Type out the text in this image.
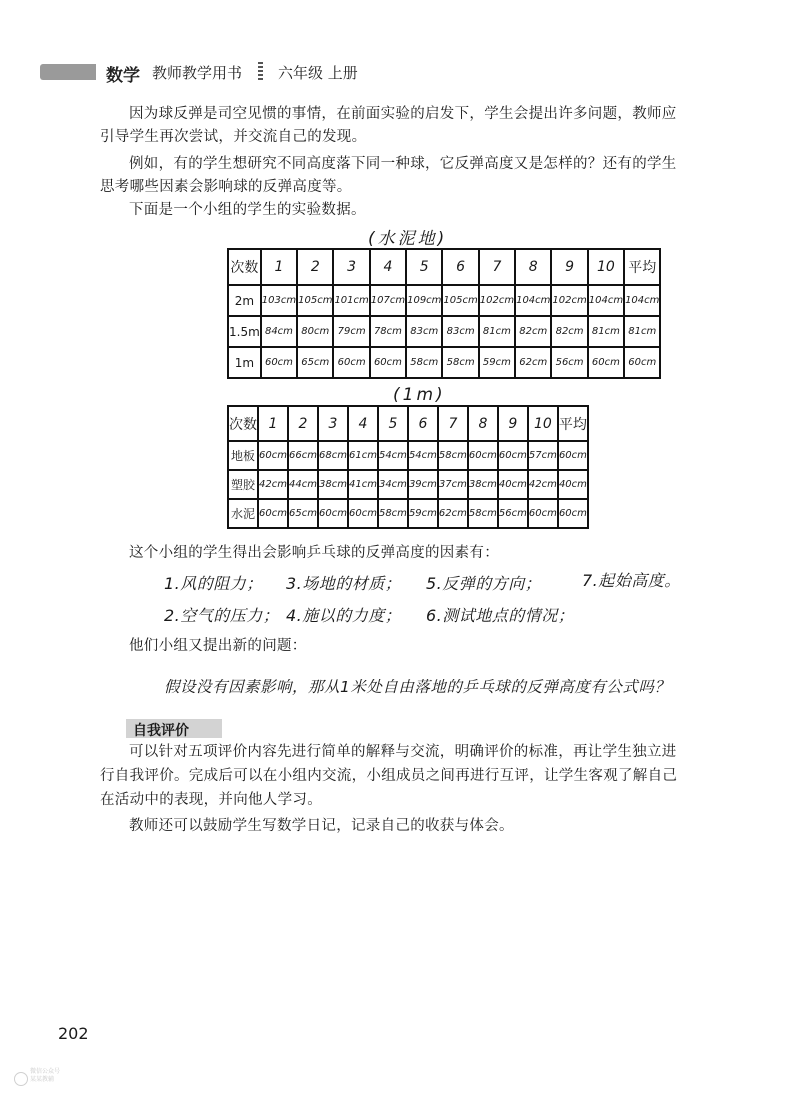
数学 教师教学用书 六年级 上册
因为球反弹是司空见惯的事情，在前面实验的启发下，学生会提出许多问题，教师应
引导学生再次尝试，并交流自己的发现。
例如，有的学生想研究不同高度落下同一种球，它反弹高度又是怎样的？还有的学生
思考哪些因素会影响球的反弹高度等。
下面是一个小组的学生的实验数据。
(水泥地)
次数	1	2	3	4	5	6	7	8	9	10	平均
2m	103cm	105cm	101cm	107cm	109cm	105cm	102cm	104cm	102cm	104cm	104cm
1.5m	84cm	80cm	79cm	78cm	83cm	83cm	81cm	82cm	82cm	81cm	81cm
1m	60cm	65cm	60cm	60cm	58cm	58cm	59cm	62cm	56cm	60cm	60cm
(1m)
次数	1	2	3	4	5	6	7	8	9	10	平均
地板	60cm	66cm	68cm	61cm	54cm	54cm	58cm	60cm	60cm	57cm	60cm
塑胶	42cm	44cm	38cm	41cm	34cm	39cm	37cm	38cm	40cm	42cm	40cm
水泥	60cm	65cm	60cm	60cm	58cm	59cm	62cm	58cm	56cm	60cm	60cm
这个小组的学生得出会影响乒乓球的反弹高度的因素有：
1.风的阻力； 3.场地的材质； 5.反弹的方向；	7.起始高度。
2.空气的压力； 4.施以的力度； 6.测试地点的情况；
他们小组又提出新的问题：
假设没有因素影响，那从1米处自由落地的乒乓球的反弹高度有公式吗？
自我评价
可以针对五项评价内容先进行简单的解释与交流，明确评价的标准，再让学生独立进
行自我评价。完成后可以在小组内交流，小组成员之间再进行互评，让学生客观了解自己
在活动中的表现，并向他人学习。
教师还可以鼓励学生写数学日记，记录自己的收获与体会。
202
微信公众号
某某教辅
